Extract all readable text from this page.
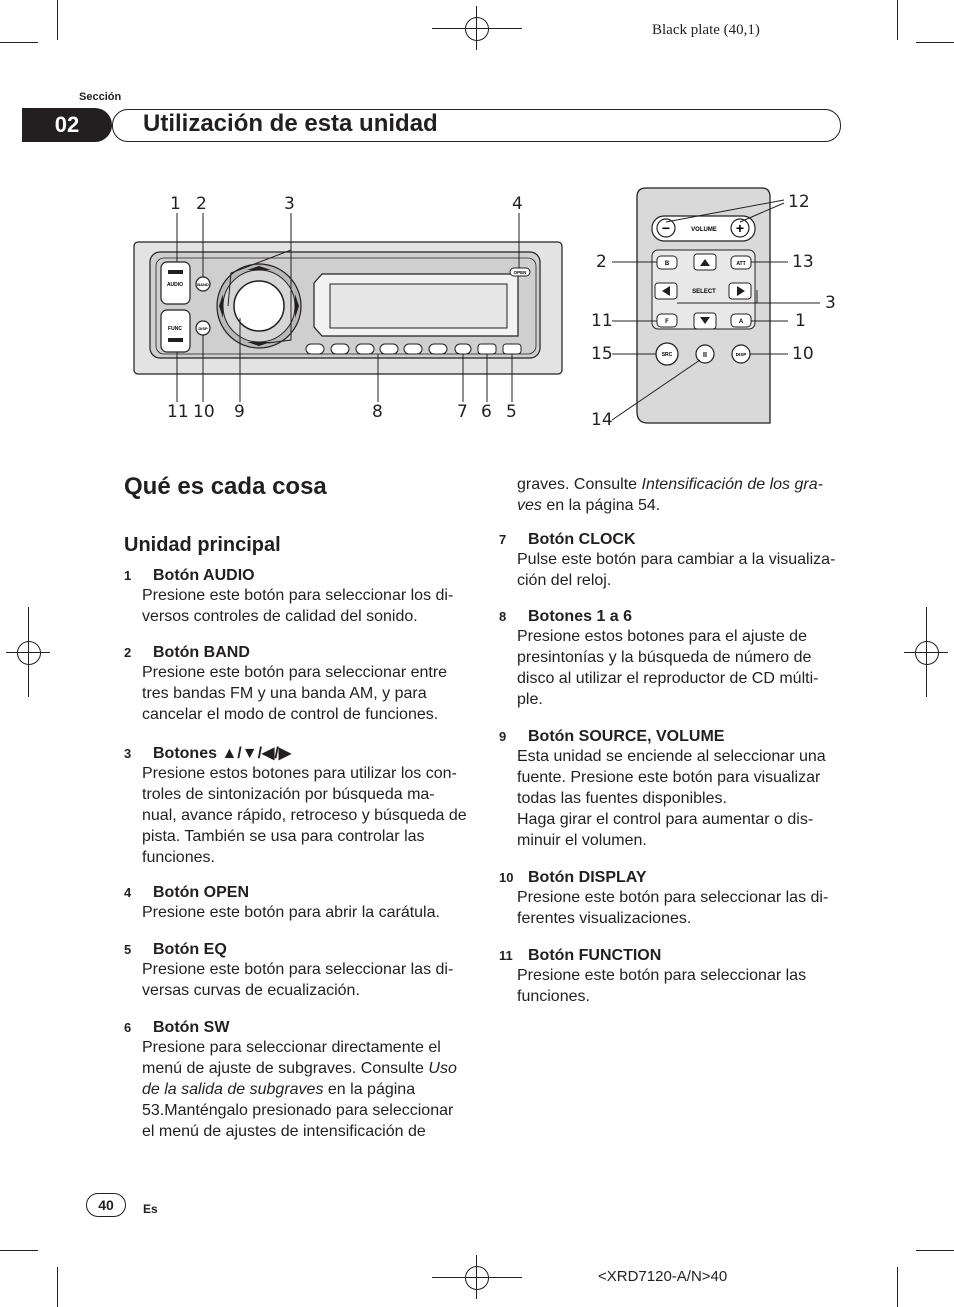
Black plate (40,1)
Sección
02	Utilización de esta unidad
AUDIO
FUNC
BAND
DISP
OPEN
−	+
VOLUME
SELECT
B	ATT
F	A
SRC	II	DISP
1 2	3	4
11 10 9	8	7 6 5
12
2	13
3
11	1
15	10
14
Qué es cada cosa
Unidad principal
1 Botón AUDIO
Presione este botón para seleccionar los di- versos controles de calidad del sonido.
2 Botón BAND
Presione este botón para seleccionar entre tres bandas FM y una banda AM, y para cancelar el modo de control de funciones.
3 Botones ▲/▼/◀/▶
Presione estos botones para utilizar los con- troles de sintonización por búsqueda ma- nual, avance rápido, retroceso y búsqueda de pista. También se usa para controlar las funciones.
4 Botón OPEN
Presione este botón para abrir la carátula.
5 Botón EQ
Presione este botón para seleccionar las di- versas curvas de ecualización.
6 Botón SW
Presione para seleccionar directamente el menú de ajuste de subgraves. Consulte Uso de la salida de subgraves en la página 53.Manténgalo presionado para seleccionar el menú de ajustes de intensificación de
graves. Consulte Intensificación de los gra- ves en la página 54.
7 Botón CLOCK
Pulse este botón para cambiar a la visualiza- ción del reloj.
8 Botones 1 a 6
Presione estos botones para el ajuste de presintonías y la búsqueda de número de disco al utilizar el reproductor de CD múlti- ple.
9 Botón SOURCE, VOLUME
Esta unidad se enciende al seleccionar una fuente. Presione este botón para visualizar todas las fuentes disponibles.
Haga girar el control para aumentar o dis- minuir el volumen.
10 Botón DISPLAY
Presione este botón para seleccionar las di- ferentes visualizaciones.
11 Botón FUNCTION
Presione este botón para seleccionar las funciones.
40	Es
<XRD7120-A/N>40
